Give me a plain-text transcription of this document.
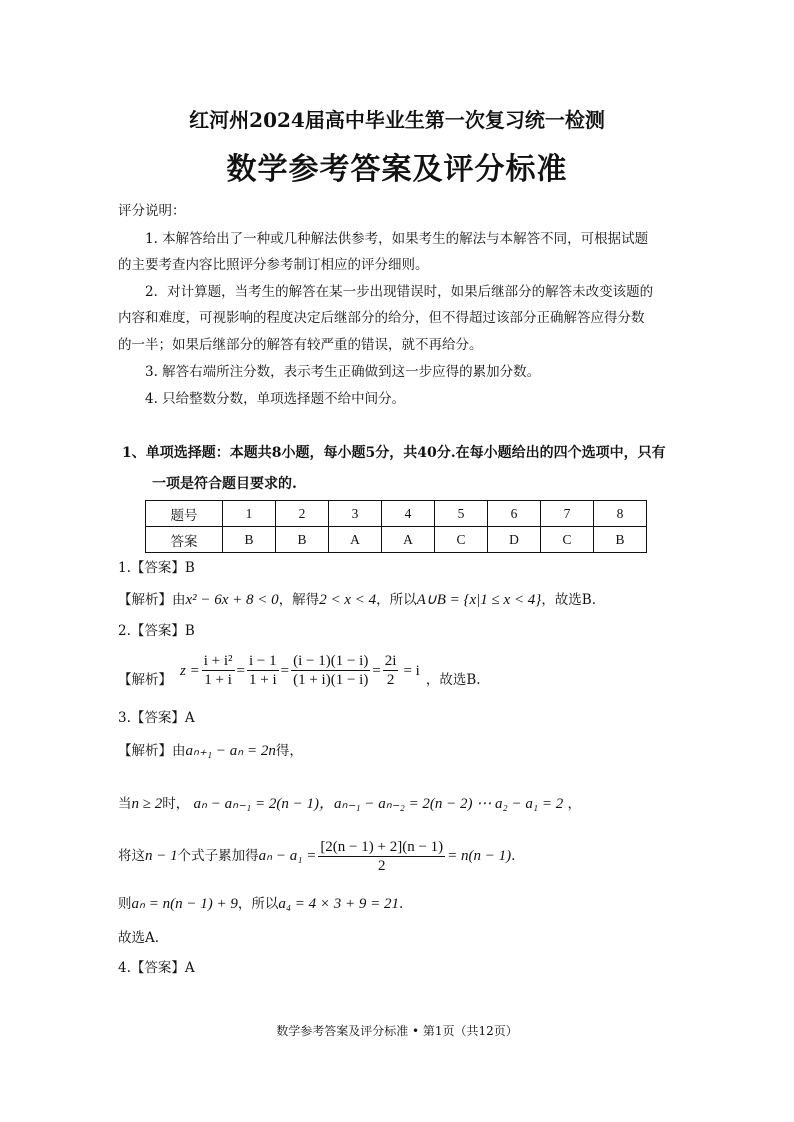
红河州2024届高中毕业生第一次复习统一检测
数学参考答案及评分标准
评分说明：
1. 本解答给出了一种或几种解法供参考，如果考生的解法与本解答不同，可根据试题
的主要考查内容比照评分参考制订相应的评分细则。
2．对计算题，当考生的解答在某一步出现错误时，如果后继部分的解答未改变该题的
内容和难度，可视影响的程度决定后继部分的给分，但不得超过该部分正确解答应得分数
的一半；如果后继部分的解答有较严重的错误，就不再给分。
3. 解答右端所注分数，表示考生正确做到这一步应得的累加分数。
4. 只给整数分数，单项选择题不给中间分。
1、单项选择题：本题共8小题，每小题5分，共40分.在每小题给出的四个选项中，只有
一项是符合题目要求的.
题号	1	2	3	4	5	6	7	8
答案	B	B	A	A	C	D	C	B
1.【答案】B
【解析】由x² − 6x + 8 < 0，解得2 < x < 4，所以A∪B = {x|1 ≤ x < 4}，故选B.
2.【答案】B
【解析】
$z = \frac{\text{i + i²}}{1 + i} = \frac{i - 1}{1 + i} = \frac{(i - 1)(1 - i)}{(1 + i)(1 - i)} = \frac{2i}{2} = i$
，故选B.
3.【答案】A
【解析】由aₙ₊₁ − aₙ = 2n得，
当n ≥ 2时， aₙ − aₙ₋₁ = 2(n − 1)，aₙ₋₁ − aₙ₋₂ = 2(n − 2) ⋯ a₂ − a₁ = 2 ，
将这n − 1个式子累加得$a_n - a_1 = \frac{[2(n - 1) + 2](n - 1)}{2} = n(n - 1)$.
则aₙ = n(n − 1) + 9，所以a₄ = 4 × 3 + 9 = 21.
故选A.
4.【答案】A
数学参考答案及评分标准 • 第1页（共12页）
